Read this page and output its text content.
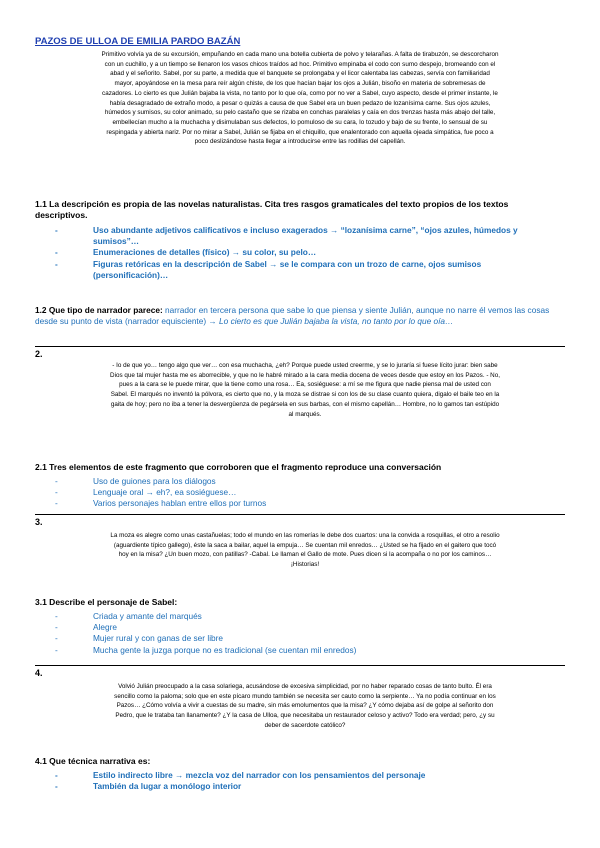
PAZOS DE ULLOA DE EMILIA PARDO BAZÁN

Primitivo volvía ya de su excursión, empuñando en cada mano una botella cubierta de polvo y telarañas. A falta de tirabuzón, se descorcharon con un cuchillo, y a un tiempo se llenaron los vasos chicos traídos ad hoc. Primitivo empinaba el codo con sumo despejo, bromeando con el abad y el señorito. Sabel, por su parte, a medida que el banquete se prolongaba y el licor calentaba las cabezas, servía con familiaridad mayor, apoyándose en la mesa para reír algún chiste, de los que hacían bajar los ojos a Julián, bisoño en materia de sobremesas de cazadores. Lo cierto es que Julián bajaba la vista, no tanto por lo que oía, como por no ver a Sabel, cuyo aspecto, desde el primer instante, le había desagradado de extraño modo, a pesar o quizás a causa de que Sabel era un buen pedazo de lozanísima carne. Sus ojos azules, húmedos y sumisos, su color animado, su pelo castaño que se rizaba en conchas paralelas y caía en dos trenzas hasta más abajo del talle, embellecían mucho a la muchacha y disimulaban sus defectos, lo pomuloso de su cara, lo tozudo y bajo de su frente, lo sensual de su respingada y abierta nariz. Por no mirar a Sabel, Julián se fijaba en el chiquillo, que enalentorado con aquella ojeada simpática, fue poco a poco deslizándose hasta llegar a introducirse entre las rodillas del capellán.

1.1 La descripción es propia de las novelas naturalistas. Cita tres rasgos gramaticales del texto propios de los textos descriptivos.

-	Uso abundante adjetivos calificativos e incluso exagerados → “lozanísima carne”, “ojos azules, húmedos y sumisos”…
-	Enumeraciones de detalles (físico) → su color, su pelo…
-	Figuras retóricas en la descripción de Sabel → se le compara con un trozo de carne, ojos sumisos (personificación)…

1.2 Que tipo de narrador parece: narrador en tercera persona que sabe lo que piensa y siente Julián, aunque no narre él vemos las cosas desde su punto de vista (narrador equisciente) → Lo cierto es que Julián bajaba la vista, no tanto por lo que oía…

2.

- Io de que yo… tengo algo que ver… con esa muchacha, ¿eh? Porque puede usted creerme, y se lo juraría si fuese lícito jurar: bien sabe Dios que tal mujer hasta me es aborrecible, y que no le habré mirado a la cara media docena de veces desde que estoy en los Pazos. - No, pues a la cara se le puede mirar, que la tiene como una rosa… Ea, sosiéguese: a mí se me figura que nadie piensa mal de usted con Sabel. El marqués no inventó la pólvora, es cierto que no, y la moza se distrae si con los de su clase cuanto quiera, digalo el baile teo en la gaita de hoy; pero no iba a tener la desvergüenza de pegársela en sus barbas, con el mismo capellán… Hombre, no lo gamos tan estúpido al marqués.

2.1 Tres elementos de este fragmento que corroboren que el fragmento reproduce una conversación

-	Uso de guiones para los diálogos
-	Lenguaje oral → eh?, ea sosiéguese…
-	Varios personajes hablan entre ellos por turnos

3.

La moza es alegre como unas castañuelas; todo el mundo en las romerías le debe dos cuartos: una la convida a rosquillas, el otro a resolio (aguardiente típico gallego), éste la saca a bailar, aquel la empuja… Se cuentan mil enredos… ¿Usted se ha fijado en el gaitero que tocó hoy en la misa? ¿Un buen mozo, con patillas? -Cabal. Le llaman el Gallo de mote. Pues dicen si la acompaña o no por los caminos… ¡Historias!

3.1 Describe el personaje de Sabel:

-	Criada y amante del marqués
-	Alegre
-	Mujer rural y con ganas de ser libre
-	Mucha gente la juzga porque no es tradicional (se cuentan mil enredos)

4.

Volvió Julián preocupado a la casa solariega, acusándose de excesiva simplicidad, por no haber reparado cosas de tanto bulto. Él era sencillo como la paloma; solo que en este pícaro mundo también se necesita ser cauto como la serpiente… Ya no podía continuar en los Pazos… ¿Cómo volvía a vivir a cuestas de su madre, sin más emolumentos que la misa? ¿Y cómo dejaba así de golpe al señorito don Pedro, que le trataba tan llanamente? ¿Y la casa de Ulloa, que necesitaba un restaurador celoso y activo? Todo era verdad; pero, ¿y su deber de sacerdote católico?

4.1 Que técnica narrativa es:

-	Estilo indirecto libre → mezcla voz del narrador con los pensamientos del personaje
-	También da lugar a monólogo interior
